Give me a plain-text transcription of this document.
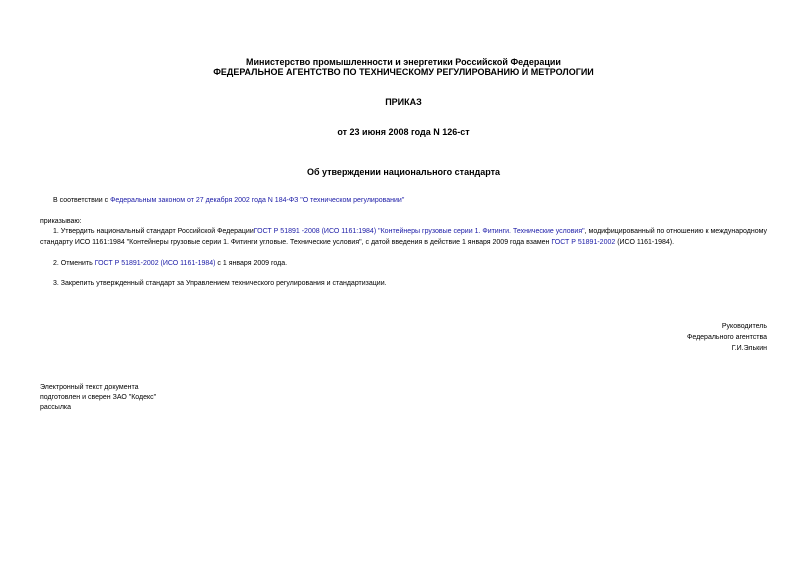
Министерство промышленности и энергетики Российской Федерации
ФЕДЕРАЛЬНОЕ АГЕНТСТВО ПО ТЕХНИЧЕСКОМУ РЕГУЛИРОВАНИЮ И МЕТРОЛОГИИ
ПРИКАЗ
от 23 июня 2008 года N 126-ст
Об утверждении национального стандарта
В соответствии с Федеральным законом от 27 декабря 2002 года N 184-ФЗ "О техническом регулировании"
приказываю:
1. Утвердить национальный стандарт Российской ФедерацииГОСТ Р 51891 -2008 (ИСО 1161:1984) "Контейнеры грузовые серии 1. Фитинги. Технические условия", модифицированный по отношению к международному стандарту ИСО 1161:1984 "Контейнеры грузовые серии 1. Фитинги угловые. Технические условия", с датой введения в действие 1 января 2009 года взамен ГОСТ Р 51891-2002 (ИСО 1161-1984).
2. Отменить ГОСТ Р 51891-2002 (ИСО 1161-1984) с 1 января 2009 года.
3. Закрепить утвержденный стандарт за Управлением технического регулирования и стандартизации.
Руководитель
Федерального агентства
Г.И.Элькин
Электронный текст документа
подготовлен и сверен ЗАО "Кодекс"
рассылка
